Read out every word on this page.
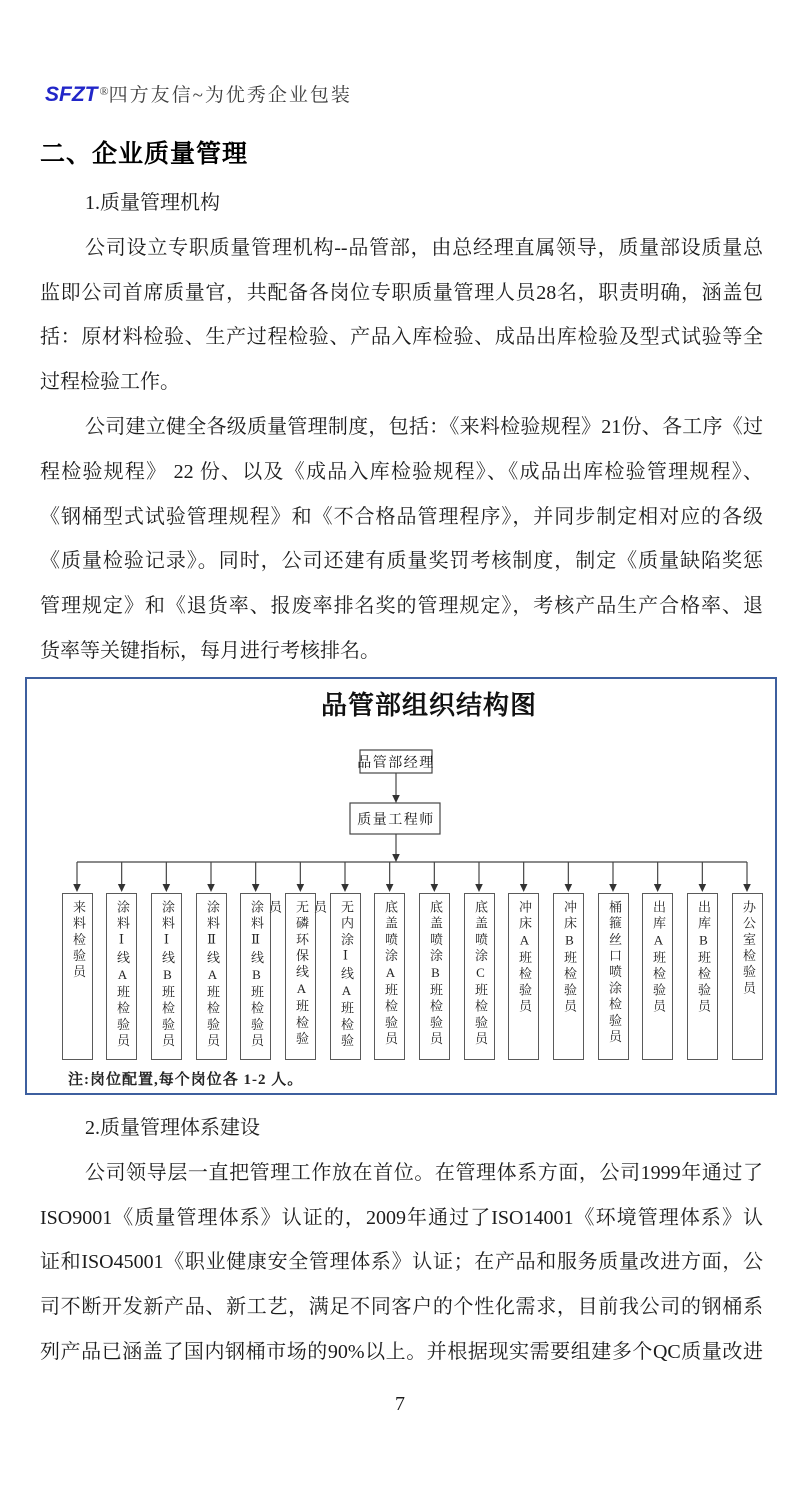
SFZT ®四方友信~为优秀企业包装
二、企业质量管理
1.质量管理机构
公司设立专职质量管理机构--品管部，由总经理直属领导，质量部设质量总
监即公司首席质量官，共配备各岗位专职质量管理人员28名，职责明确，涵盖包
括：原材料检验、生产过程检验、产品入库检验、成品出库检验及型式试验等全
过程检验工作。
公司建立健全各级质量管理制度，包括：《来料检验规程》21份、各工序《过
程检验规程》 22 份、以及《成品入库检验规程》、《成品出库检验管理规程》、
《钢桶型式试验管理规程》和《不合格品管理程序》，并同步制定相对应的各级
《质量检验记录》。同时，公司还建有质量奖罚考核制度，制定《质量缺陷奖惩
管理规定》和《退货率、报废率排名奖的管理规定》，考核产品生产合格率、退
货率等关键指标，每月进行考核排名。
品管部组织结构图
品管部经理
质量工程师
来料检验员	涂料Ⅰ线A班检验员	涂料Ⅰ线B班检验员	涂料Ⅱ线A班检验员	涂料Ⅱ线B班检验员	无磷环保线A班检验员	无内涂Ⅰ线A班检验员	底盖喷涂A班检验员	底盖喷涂B班检验员	底盖喷涂C班检验员	冲床A班检验员	冲床B班检验员	桶箍丝口喷涂检验员	出库A班检验员	出库B班检验员	办公室检验员
注:岗位配置,每个岗位各 1-2 人。
2.质量管理体系建设
公司领导层一直把管理工作放在首位。在管理体系方面，公司1999年通过了
ISO9001《质量管理体系》认证的，2009年通过了ISO14001《环境管理体系》认
证和ISO45001《职业健康安全管理体系》认证；在产品和服务质量改进方面，公
司不断开发新产品、新工艺，满足不同客户的个性化需求，目前我公司的钢桶系
列产品已涵盖了国内钢桶市场的90%以上。并根据现实需要组建多个QC质量改进
7
